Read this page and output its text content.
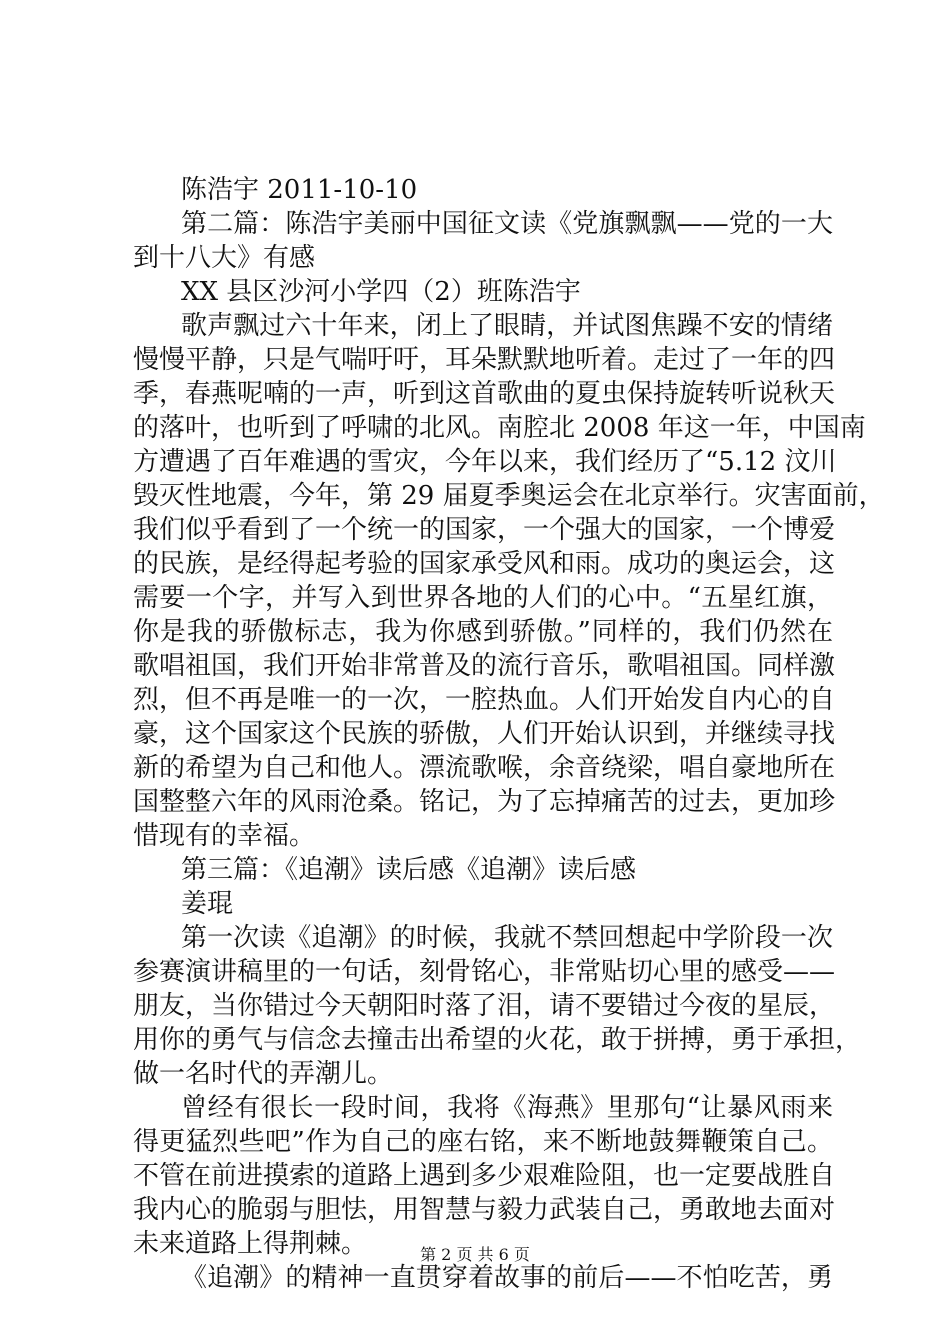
陈浩宇 2011-10-10
第二篇：陈浩宇美丽中国征文读《党旗飘飘——党的一大
到十八大》有感
XX 县区沙河小学四（2）班陈浩宇
歌声飘过六十年来，闭上了眼睛，并试图焦躁不安的情绪
慢慢平静，只是气喘吁吁，耳朵默默地听着。走过了一年的四
季，春燕呢喃的一声，听到这首歌曲的夏虫保持旋转听说秋天
的落叶，也听到了呼啸的北风。南腔北 2008 年这一年，中国南
方遭遇了百年难遇的雪灾，今年以来，我们经历了“5.12 汶川
毁灭性地震，今年，第 29 届夏季奥运会在北京举行。灾害面前，
我们似乎看到了一个统一的国家，一个强大的国家，一个博爱
的民族，是经得起考验的国家承受风和雨。成功的奥运会，这
需要一个字，并写入到世界各地的人们的心中。“五星红旗，
你是我的骄傲标志，我为你感到骄傲。”同样的，我们仍然在
歌唱祖国，我们开始非常普及的流行音乐，歌唱祖国。同样激
烈，但不再是唯一的一次，一腔热血。人们开始发自内心的自
豪，这个国家这个民族的骄傲，人们开始认识到，并继续寻找
新的希望为自己和他人。漂流歌喉，余音绕梁，唱自豪地所在
国整整六年的风雨沧桑。铭记，为了忘掉痛苦的过去，更加珍
惜现有的幸福。
第三篇：《追潮》读后感《追潮》读后感
姜琨
第一次读《追潮》的时候，我就不禁回想起中学阶段一次
参赛演讲稿里的一句话，刻骨铭心，非常贴切心里的感受——
朋友，当你错过今天朝阳时落了泪，请不要错过今夜的星辰，
用你的勇气与信念去撞击出希望的火花，敢于拼搏，勇于承担，
做一名时代的弄潮儿。
曾经有很长一段时间，我将《海燕》里那句“让暴风雨来
得更猛烈些吧”作为自己的座右铭，来不断地鼓舞鞭策自己。
不管在前进摸索的道路上遇到多少艰难险阻，也一定要战胜自
我内心的脆弱与胆怯，用智慧与毅力武装自己，勇敢地去面对
未来道路上得荆棘。
《追潮》的精神一直贯穿着故事的前后——不怕吃苦，勇
第 2 页 共 6 页
